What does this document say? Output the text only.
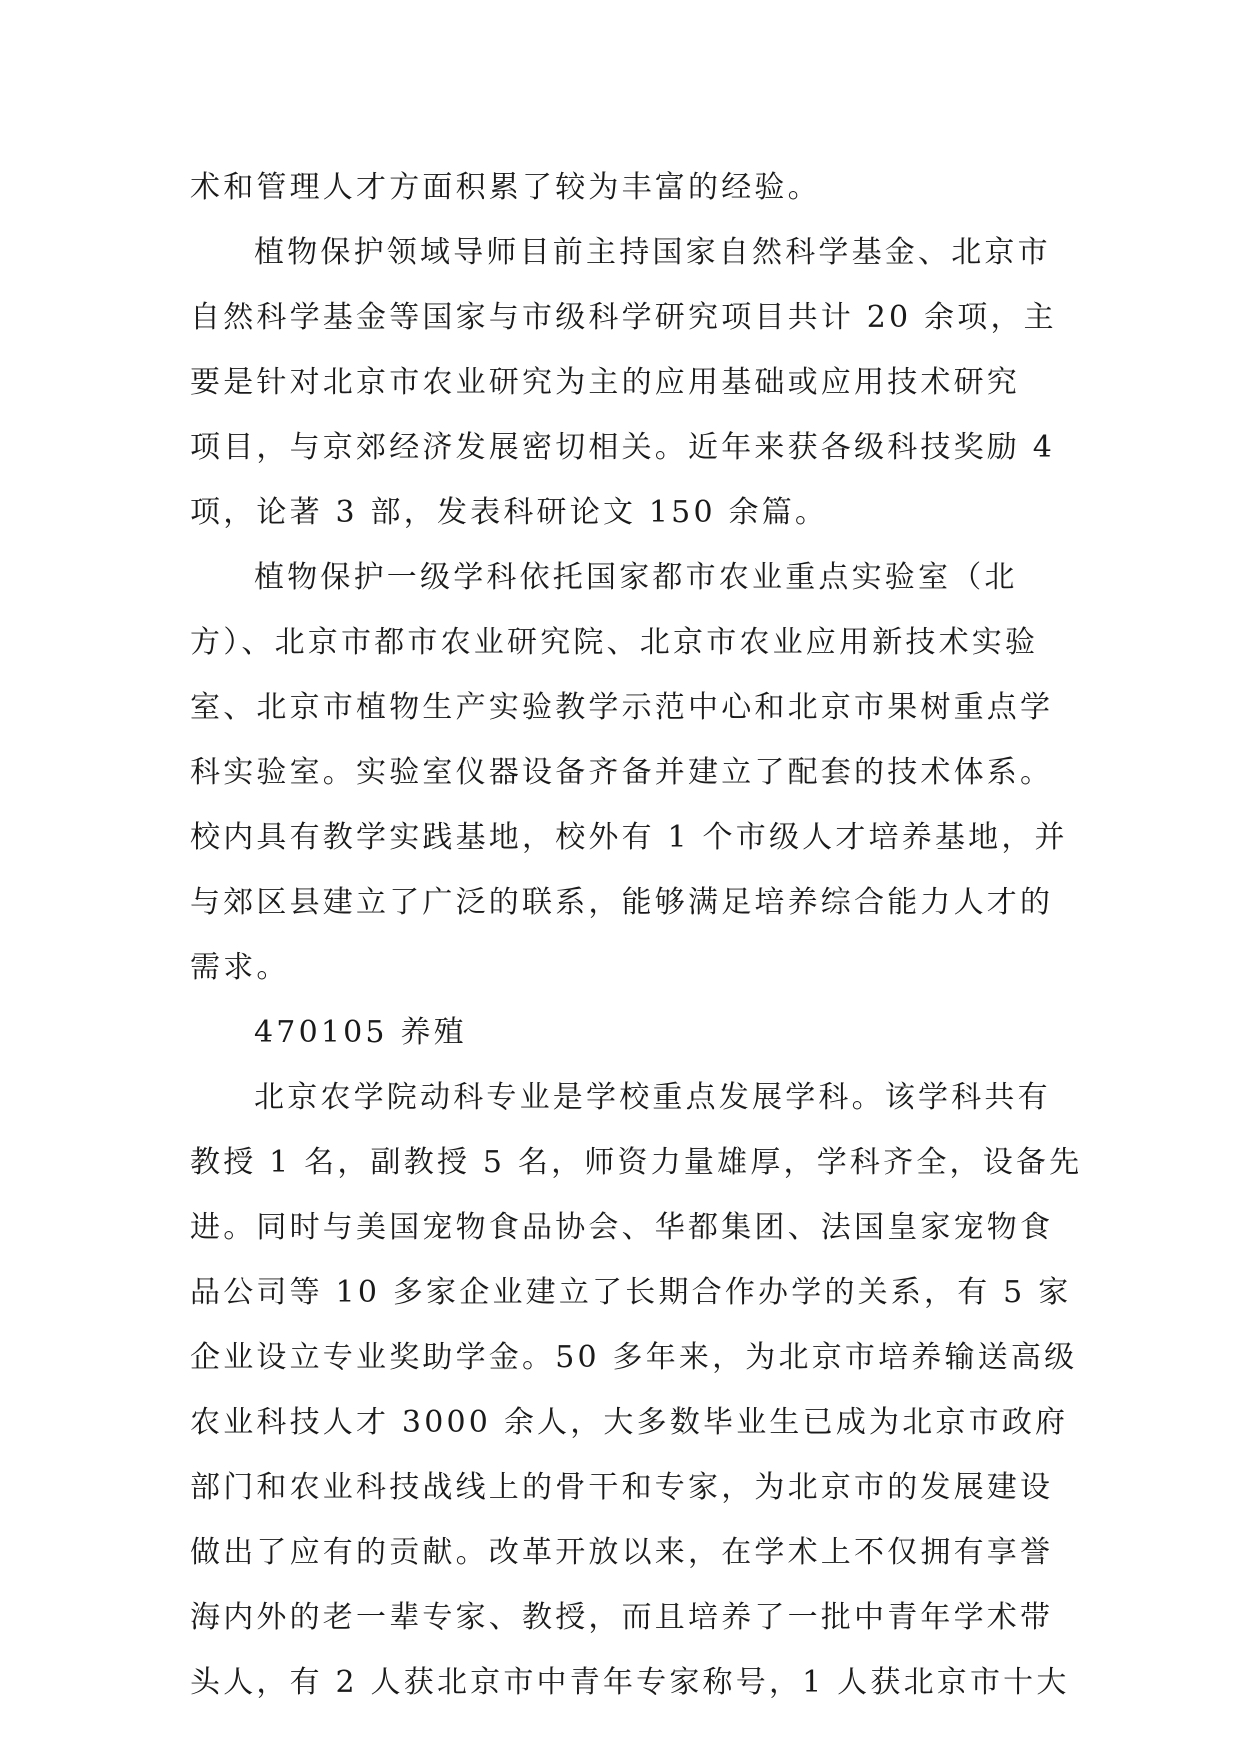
术和管理人才方面积累了较为丰富的经验。
植物保护领域导师目前主持国家自然科学基金、北京市
自然科学基金等国家与市级科学研究项目共计 20 余项，主
要是针对北京市农业研究为主的应用基础或应用技术研究
项目，与京郊经济发展密切相关。近年来获各级科技奖励 4
项，论著 3 部，发表科研论文 150 余篇。
植物保护一级学科依托国家都市农业重点实验室（北
方）、北京市都市农业研究院、北京市农业应用新技术实验
室、北京市植物生产实验教学示范中心和北京市果树重点学
科实验室。实验室仪器设备齐备并建立了配套的技术体系。
校内具有教学实践基地，校外有 1 个市级人才培养基地，并
与郊区县建立了广泛的联系，能够满足培养综合能力人才的
需求。
470105 养殖
北京农学院动科专业是学校重点发展学科。该学科共有
教授 1 名，副教授 5 名，师资力量雄厚，学科齐全，设备先
进。同时与美国宠物食品协会、华都集团、法国皇家宠物食
品公司等 10 多家企业建立了长期合作办学的关系，有 5 家
企业设立专业奖助学金。50 多年来，为北京市培养输送高级
农业科技人才 3000 余人，大多数毕业生已成为北京市政府
部门和农业科技战线上的骨干和专家，为北京市的发展建设
做出了应有的贡献。改革开放以来，在学术上不仅拥有享誉
海内外的老一辈专家、教授，而且培养了一批中青年学术带
头人，有 2 人获北京市中青年专家称号，1 人获北京市十大
